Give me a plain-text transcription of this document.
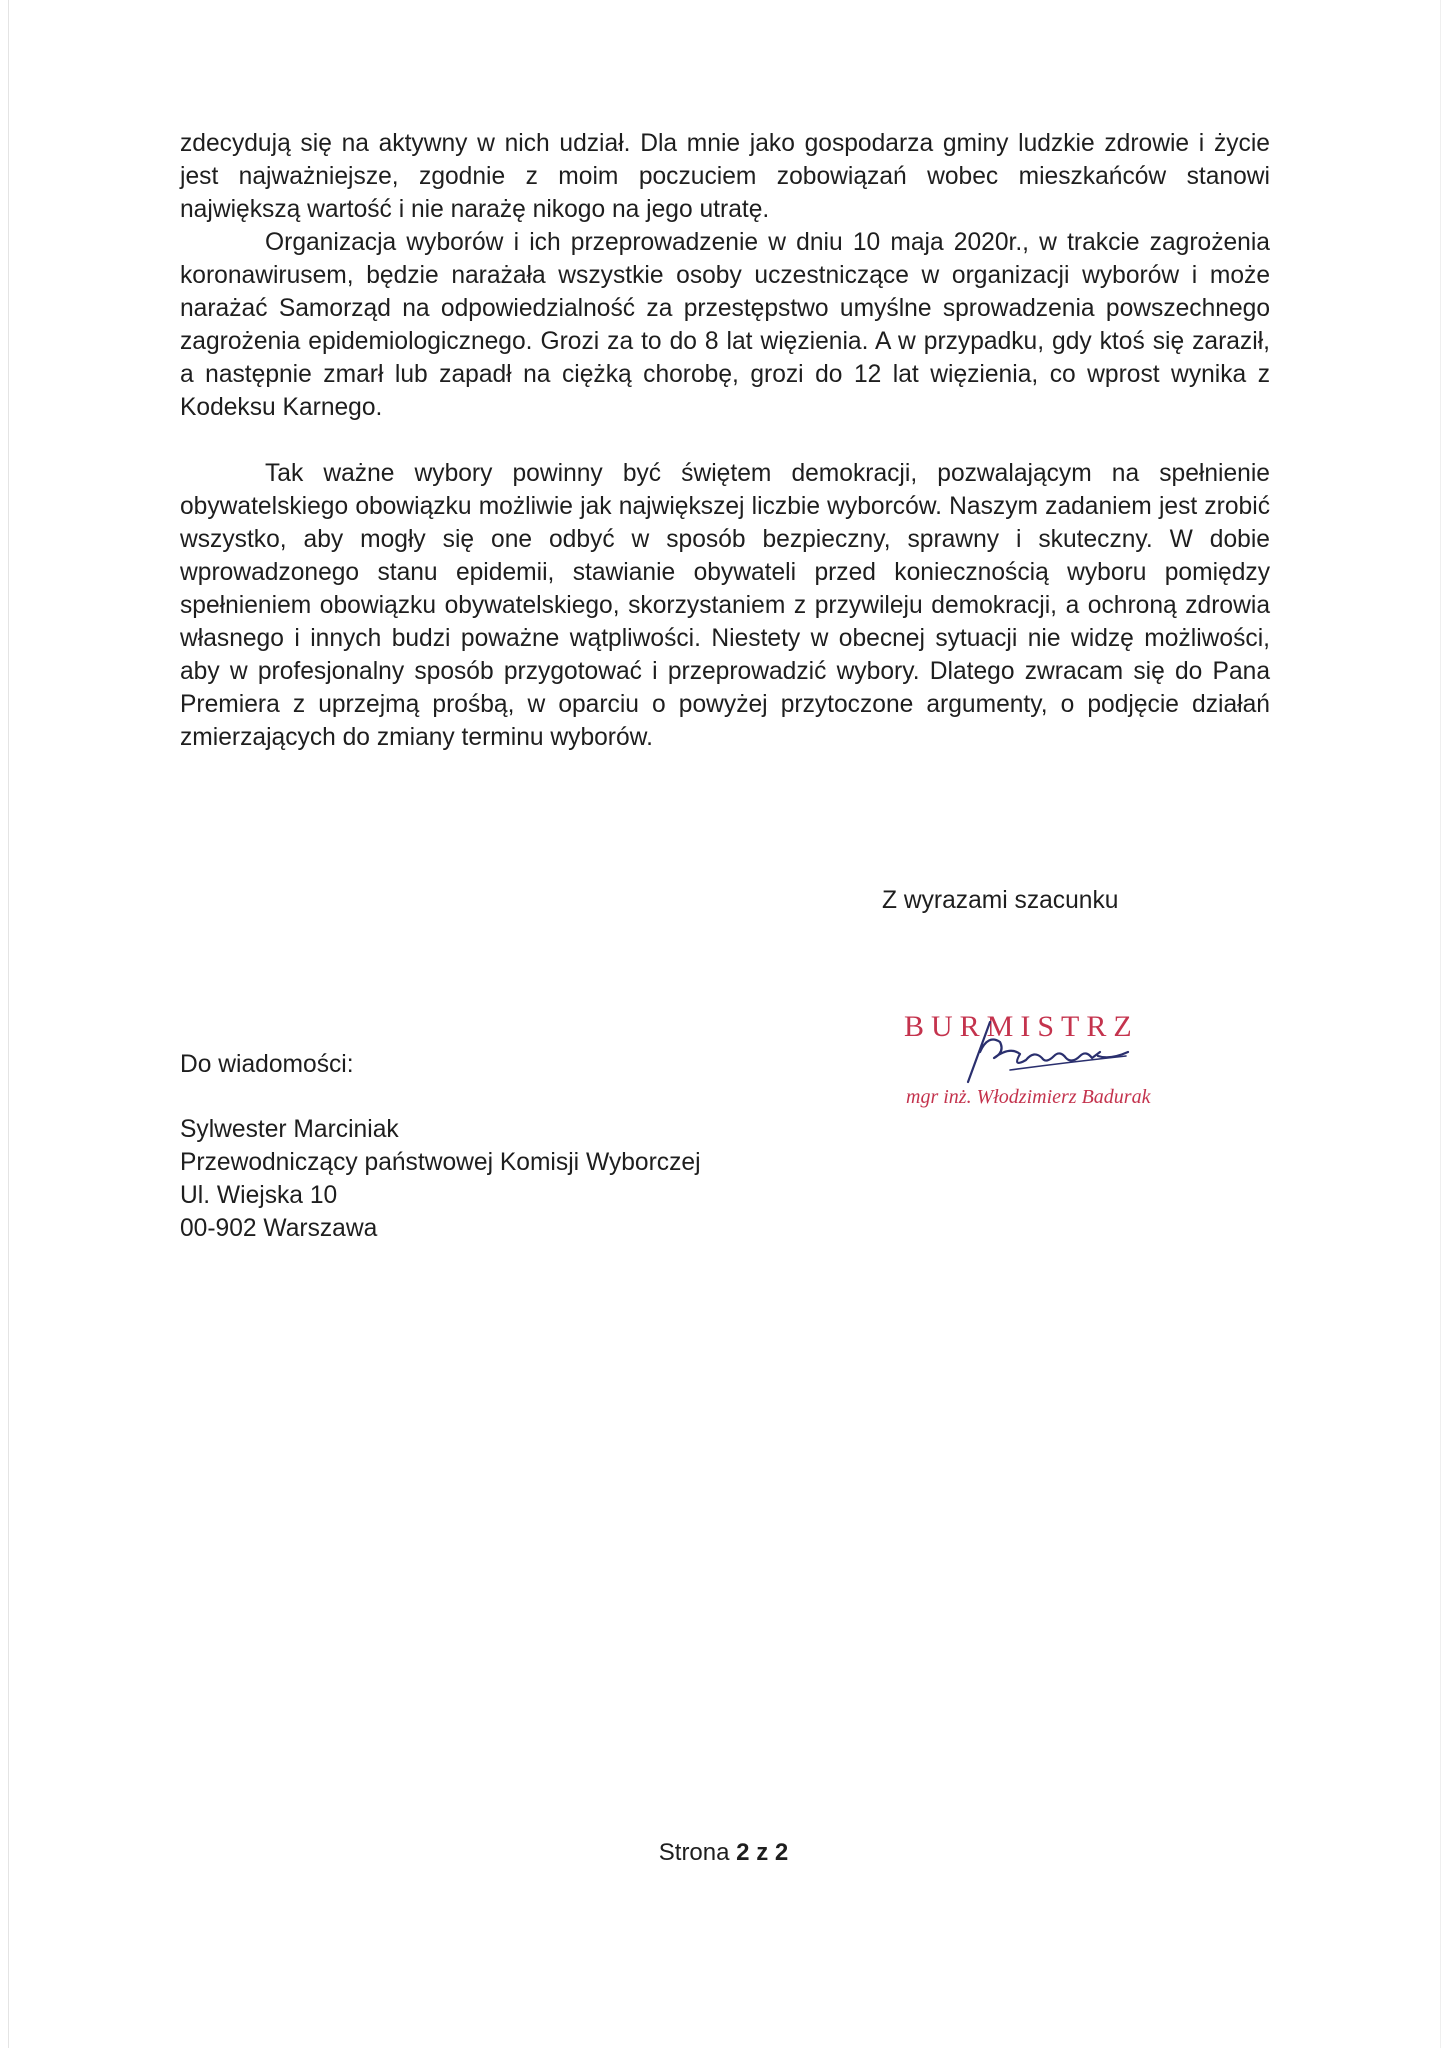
zdecydują się na aktywny w nich udział. Dla mnie jako gospodarza gminy ludzkie zdrowie i życie jest najważniejsze, zgodnie z moim poczuciem zobowiązań wobec mieszkańców stanowi największą wartość i nie narażę nikogo na jego utratę.

Organizacja wyborów i ich przeprowadzenie w dniu 10 maja 2020r., w trakcie zagrożenia koronawirusem, będzie narażała wszystkie osoby uczestniczące w organizacji wyborów i może narażać Samorząd na odpowiedzialność za przestępstwo umyślne sprowadzenia powszechnego zagrożenia epidemiologicznego. Grozi za to do 8 lat więzienia. A w przypadku, gdy ktoś się zaraził, a następnie zmarł lub zapadł na ciężką chorobę, grozi do 12 lat więzienia, co wprost wynika z Kodeksu Karnego.

Tak ważne wybory powinny być świętem demokracji, pozwalającym na spełnienie obywatelskiego obowiązku możliwie jak największej liczbie wyborców. Naszym zadaniem jest zrobić wszystko, aby mogły się one odbyć w sposób bezpieczny, sprawny i skuteczny. W dobie wprowadzonego stanu epidemii, stawianie obywateli przed koniecznością wyboru pomiędzy spełnieniem obowiązku obywatelskiego, skorzystaniem z przywileju demokracji, a ochroną zdrowia własnego i innych budzi poważne wątpliwości. Niestety w obecnej sytuacji nie widzę możliwości, aby w profesjonalny sposób przygotować i przeprowadzić wybory. Dlatego zwracam się do Pana Premiera z uprzejmą prośbą, w oparciu o powyżej przytoczone argumenty, o podjęcie działań zmierzających do zmiany terminu wyborów.

Z wyrazami szacunku
BURMISTRZ
mgr inż. Włodzimierz Badurak
Do wiadomości:
Sylwester Marciniak
Przewodniczący państwowej Komisji Wyborczej
Ul. Wiejska 10
00-902 Warszawa
Strona 2 z 2
